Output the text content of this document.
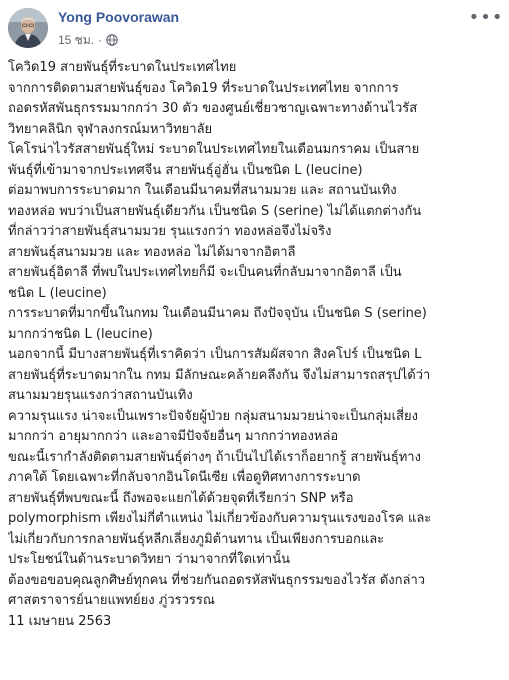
Yong Poovorawan
15 ชม. ·
•••
โควิด19 สายพันธุ์ที่ระบาดในประเทศไทย
จากการติดตามสายพันธุ์ของ โควิด19 ที่ระบาดในประเทศไทย จากการ
ถอดรหัสพันธุกรรมมากกว่า 30 ตัว ของศูนย์เชี่ยวชาญเฉพาะทางด้านไวรัส
วิทยาคลินิก จุฬาลงกรณ์มหาวิทยาลัย
โคโรน่าไวรัสสายพันธุ์ใหม่ ระบาดในประเทศไทยในเดือนมกราคม เป็นสาย
พันธุ์ที่เข้ามาจากประเทศจีน สายพันธุ์อู่ฮั่น เป็นชนิด L (leucine)
ต่อมาพบการระบาดมาก ในเดือนมีนาคมที่สนามมวย และ สถานบันเทิง
ทองหล่อ พบว่าเป็นสายพันธุ์เดียวกัน เป็นชนิด S (serine) ไม่ได้แตกต่างกัน
ที่กล่าวว่าสายพันธุ์สนามมวย รุนแรงกว่า ทองหล่อจึงไม่จริง
สายพันธุ์สนามมวย และ ทองหล่อ ไม่ได้มาจากอิตาลี
สายพันธุ์อิตาลี ที่พบในประเทศไทยก็มี จะเป็นคนที่กลับมาจากอิตาลี เป็น
ชนิด L (leucine)
การระบาดที่มากขึ้นในกทม ในเดือนมีนาคม ถึงปัจจุบัน เป็นชนิด S (serine)
มากกว่าชนิด L (leucine)
นอกจากนี้ มีบางสายพันธุ์ที่เราคิดว่า เป็นการสัมผัสจาก สิงคโปร์ เป็นชนิด L
สายพันธุ์ที่ระบาดมากใน กทม มีลักษณะคล้ายคลึงกัน จึงไม่สามารถสรุปได้ว่า
สนามมวยรุนแรงกว่าสถานบันเทิง
ความรุนแรง น่าจะเป็นเพราะปัจจัยผู้ป่วย กลุ่มสนามมวยน่าจะเป็นกลุ่มเสี่ยง
มากกว่า อายุมากกว่า และอาจมีปัจจัยอื่นๆ มากกว่าทองหล่อ
ขณะนี้เรากำลังติดตามสายพันธุ์ต่างๆ ถ้าเป็นไปได้เราก็อยากรู้ สายพันธุ์ทาง
ภาคใต้ โดยเฉพาะที่กลับจากอินโดนีเซีย เพื่อดูทิศทางการระบาด
สายพันธุ์ที่พบขณะนี้ ถึงพอจะแยกได้ด้วยจุดที่เรียกว่า SNP หรือ
polymorphism เพียงไม่กี่ตำแหน่ง ไม่เกี่ยวข้องกับความรุนแรงของโรค และ
ไม่เกี่ยวกับการกลายพันธุ์หลีกเลี่ยงภูมิต้านทาน เป็นเพียงการบอกและ
ประโยชน์ในด้านระบาดวิทยา ว่ามาจากที่ใดเท่านั้น
ต้องขอขอบคุณลูกศิษย์ทุกคน ที่ช่วยกันถอดรหัสพันธุกรรมของไวรัส ดังกล่าว
ศาสตราจารย์นายแพทย์ยง ภู่วรวรรณ
11 เมษายน 2563
